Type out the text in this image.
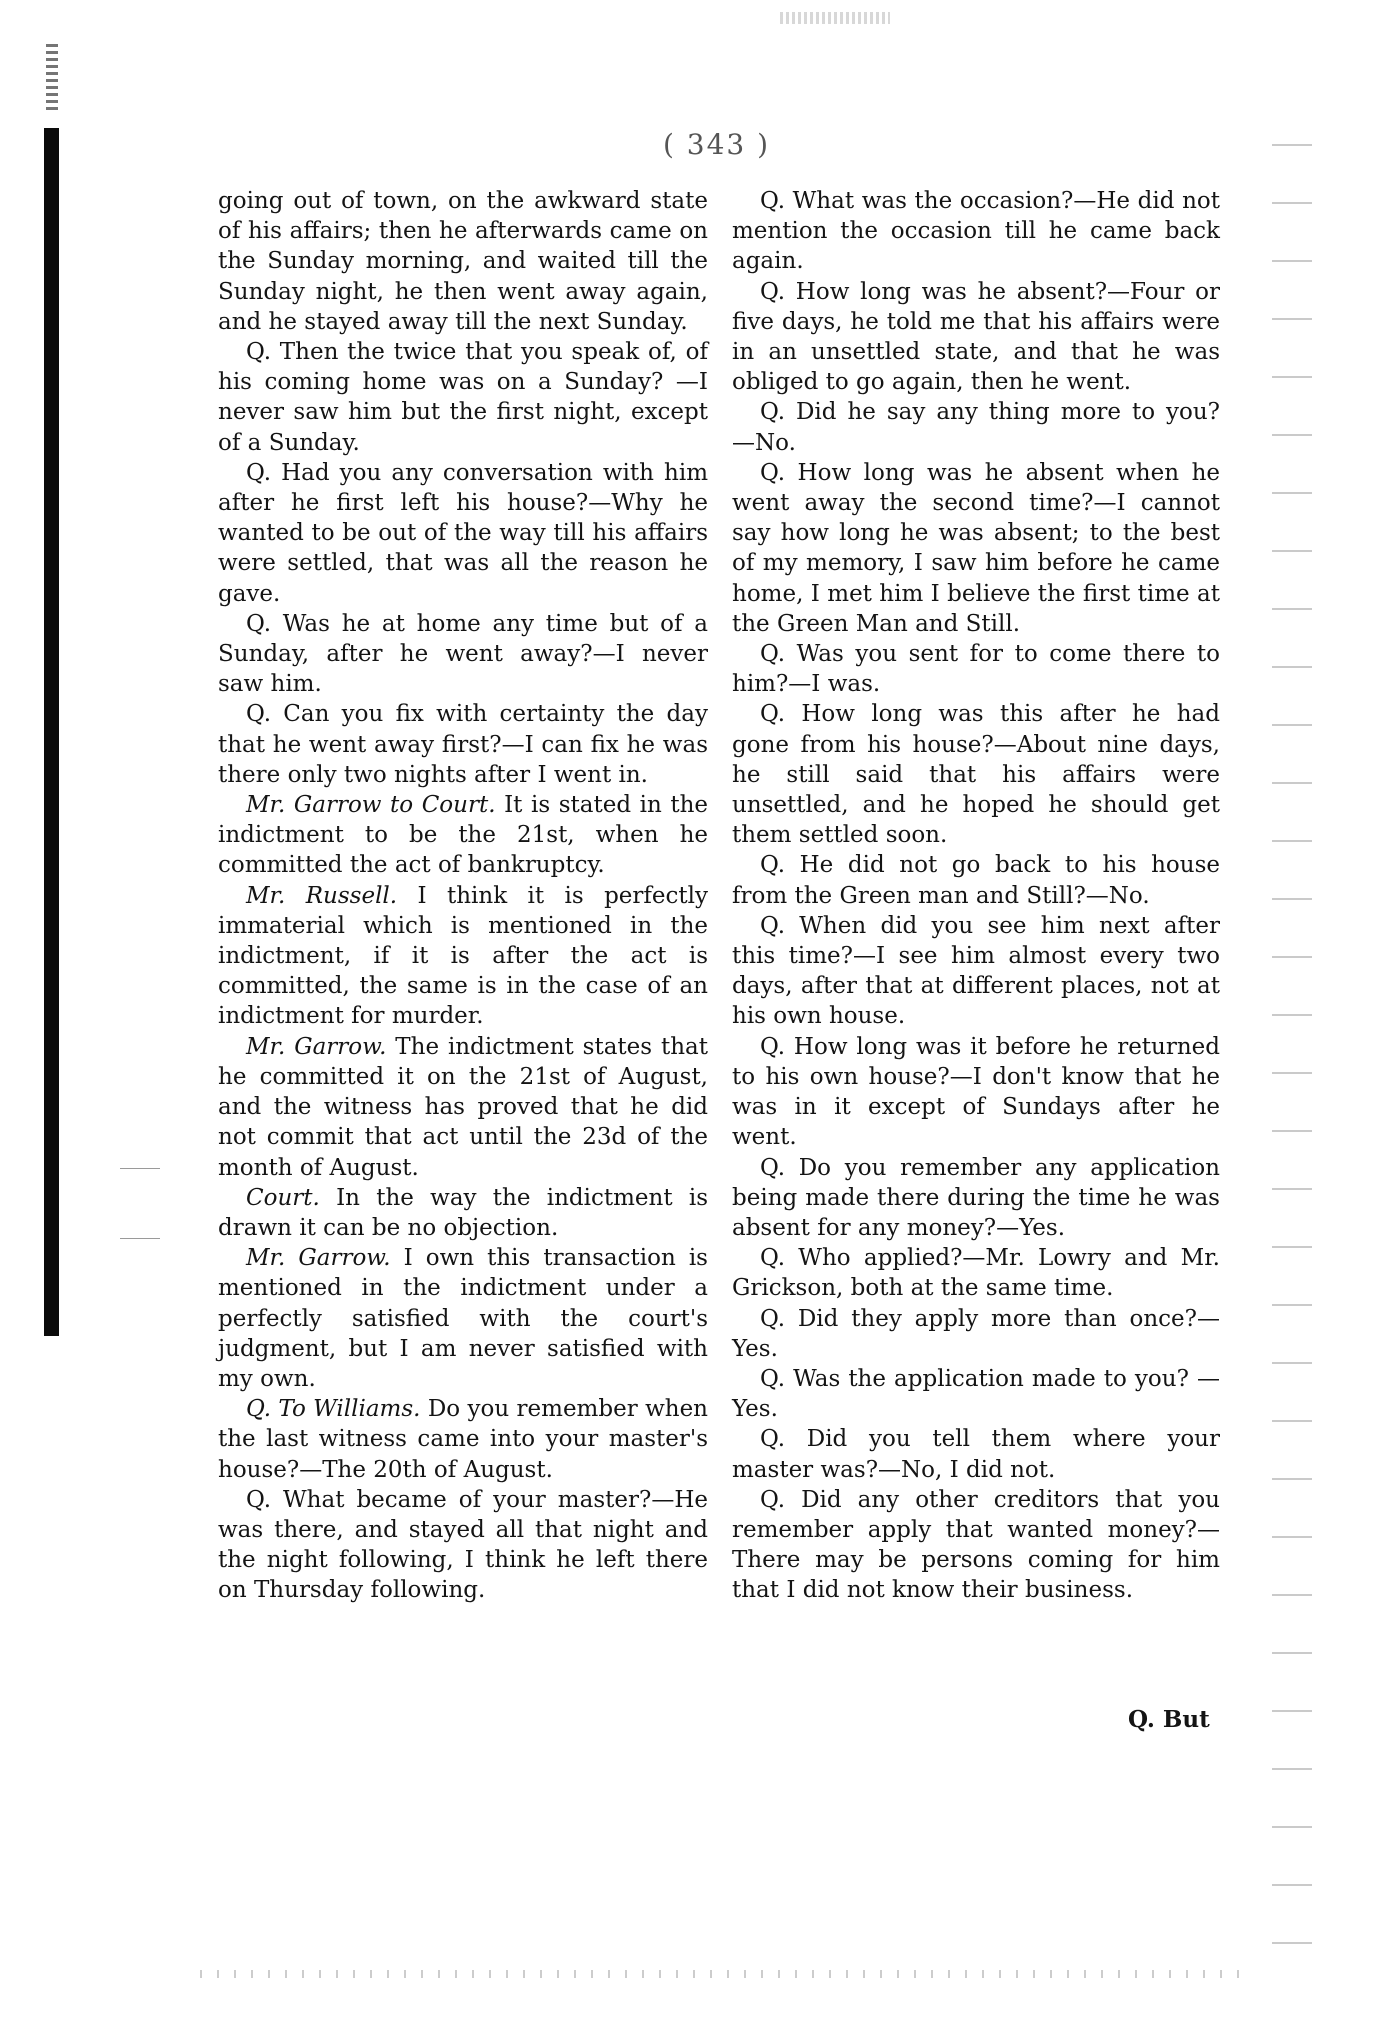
( 343 )

going out of town, on the awkward state of his affairs; then he afterwards came on the Sunday morning, and waited till the Sunday night, he then went away again, and he stayed away till the next Sunday.

Q. Then the twice that you speak of, of his coming home was on a Sunday? —I never saw him but the first night, except of a Sunday.

Q. Had you any conversation with him after he first left his house?—Why he wanted to be out of the way till his affairs were settled, that was all the reason he gave.

Q. Was he at home any time but of a Sunday, after he went away?—I never saw him.

Q. Can you fix with certainty the day that he went away first?—I can fix he was there only two nights after I went in.

Mr. Garrow to Court. It is stated in the indictment to be the 21st, when he committed the act of bankruptcy.

Mr. Russell. I think it is perfectly immaterial which is mentioned in the indictment, if it is after the act is committed, the same is in the case of an indictment for murder.

Mr. Garrow. The indictment states that he committed it on the 21st of August, and the witness has proved that he did not commit that act until the 23d of the month of August.

Court. In the way the indictment is drawn it can be no objection.

Mr. Garrow. I own this transaction is mentioned in the indictment under a perfectly satisfied with the court's judgment, but I am never satisfied with my own.

Q. To Williams. Do you remember when the last witness came into your master's house?—The 20th of August.

Q. What became of your master?—He was there, and stayed all that night and the night following, I think he left there on Thursday following.

Q. What was the occasion?—He did not mention the occasion till he came back again.

Q. How long was he absent?—Four or five days, he told me that his affairs were in an unsettled state, and that he was obliged to go again, then he went.

Q. Did he say any thing more to you? —No.

Q. How long was he absent when he went away the second time?—I cannot say how long he was absent; to the best of my memory, I saw him before he came home, I met him I believe the first time at the Green Man and Still.

Q. Was you sent for to come there to him?—I was.

Q. How long was this after he had gone from his house?—About nine days, he still said that his affairs were unsettled, and he hoped he should get them settled soon.

Q. He did not go back to his house from the Green man and Still?—No.

Q. When did you see him next after this time?—I see him almost every two days, after that at different places, not at his own house.

Q. How long was it before he returned to his own house?—I don't know that he was in it except of Sundays after he went.

Q. Do you remember any application being made there during the time he was absent for any money?—Yes.

Q. Who applied?—Mr. Lowry and Mr. Grickson, both at the same time.

Q. Did they apply more than once?—Yes.

Q. Was the application made to you? —Yes.

Q. Did you tell them where your master was?—No, I did not.

Q. Did any other creditors that you remember apply that wanted money?—There may be persons coming for him that I did not know their business.

Q. But
